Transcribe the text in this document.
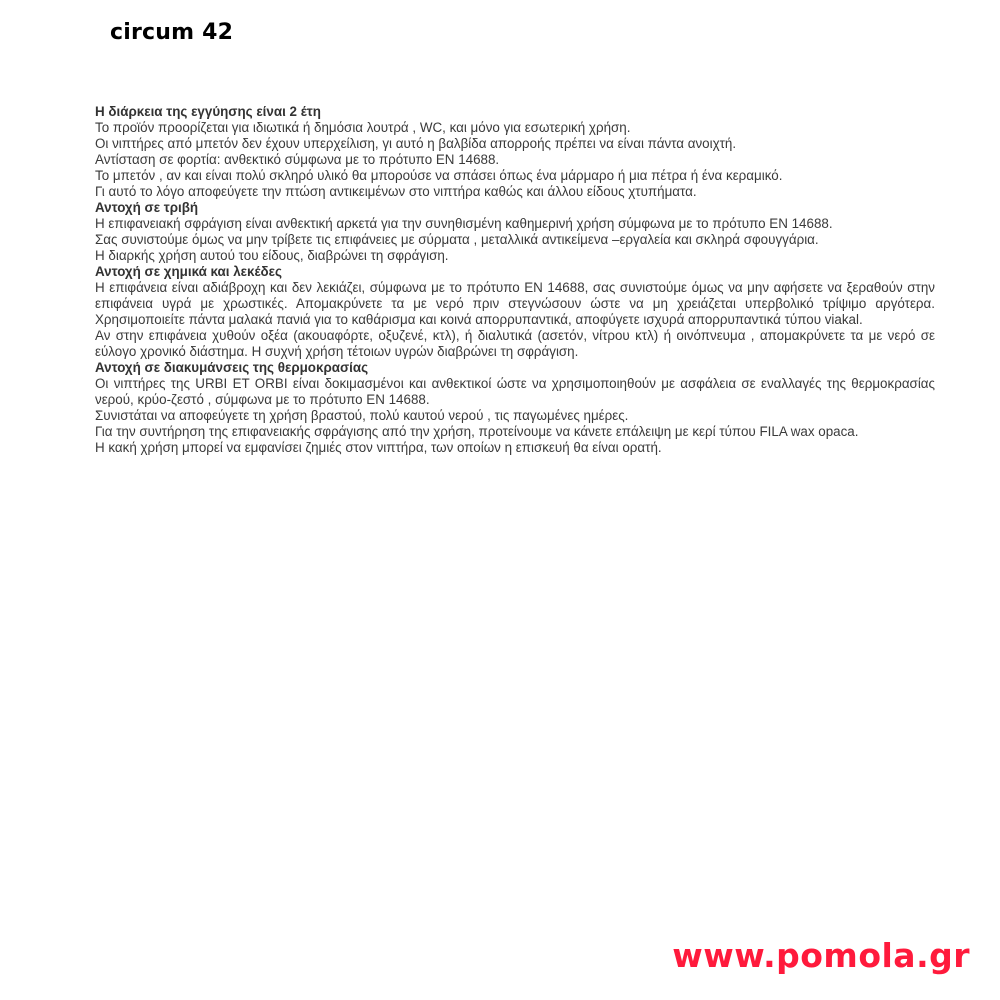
circum 42
Η διάρκεια της εγγύησης είναι 2 έτη
Το προϊόν προορίζεται για ιδιωτικά ή δημόσια λουτρά , WC, και μόνο για εσωτερική χρήση.
Οι νιπτήρες από μπετόν δεν έχουν υπερχείλιση, γι αυτό η βαλβίδα απορροής πρέπει να είναι πάντα ανοιχτή.
Αντίσταση σε φορτία: ανθεκτικό σύμφωνα με το πρότυπο ΕΝ 14688.
Το μπετόν , αν και είναι πολύ σκληρό υλικό θα μπορούσε να σπάσει όπως ένα μάρμαρο ή μια πέτρα ή ένα κεραμικό.
Γι αυτό το λόγο αποφεύγετε την πτώση αντικειμένων στο νιπτήρα καθώς και άλλου είδους χτυπήματα.
Αντοχή σε τριβή
Η επιφανειακή σφράγιση είναι ανθεκτική αρκετά για την συνηθισμένη καθημερινή χρήση σύμφωνα με το πρότυπο ΕΝ 14688.
Σας συνιστούμε όμως να μην τρίβετε τις επιφάνειες με σύρματα , μεταλλικά αντικείμενα –εργαλεία και σκληρά σφουγγάρια.
Η διαρκής χρήση αυτού του είδους, διαβρώνει τη σφράγιση.
Αντοχή σε χημικά και λεκέδες
Η επιφάνεια είναι αδιάβροχη και δεν λεκιάζει, σύμφωνα με το πρότυπο ΕΝ 14688, σας συνιστούμε όμως να μην αφήσετε να ξεραθούν στην επιφάνεια υγρά με χρωστικές. Απομακρύνετε τα με νερό πριν στεγνώσουν ώστε να μη χρειάζεται υπερβολικό τρίψιμο αργότερα. Χρησιμοποιείτε πάντα μαλακά πανιά για το καθάρισμα και κοινά απορρυπαντικά, αποφύγετε ισχυρά απορρυπαντικά τύπου viakal.
Αν στην επιφάνεια χυθούν οξέα (ακουαφόρτε, οξυζενέ, κτλ), ή διαλυτικά (ασετόν, νίτρου κτλ) ή οινόπνευμα , απομακρύνετε τα με νερό σε εύλογο χρονικό διάστημα. Η συχνή χρήση τέτοιων υγρών διαβρώνει τη σφράγιση.
Αντοχή σε διακυμάνσεις της θερμοκρασίας
Οι νιπτήρες της URBI ET ORBI είναι δοκιμασμένοι και ανθεκτικοί ώστε να χρησιμοποιηθούν με ασφάλεια σε εναλλαγές της θερμοκρασίας νερού, κρύο-ζεστό , σύμφωνα με το πρότυπο ΕΝ 14688.
Συνιστάται να αποφεύγετε τη χρήση βραστού, πολύ καυτού νερού , τις παγωμένες ημέρες.
Για την συντήρηση της επιφανειακής σφράγισης από την χρήση, προτείνουμε να κάνετε επάλειψη με κερί τύπου FILA wax opaca.
Η κακή χρήση μπορεί να εμφανίσει ζημιές στον νιπτήρα, των οποίων η επισκευή θα είναι ορατή.
www.pomola.gr
